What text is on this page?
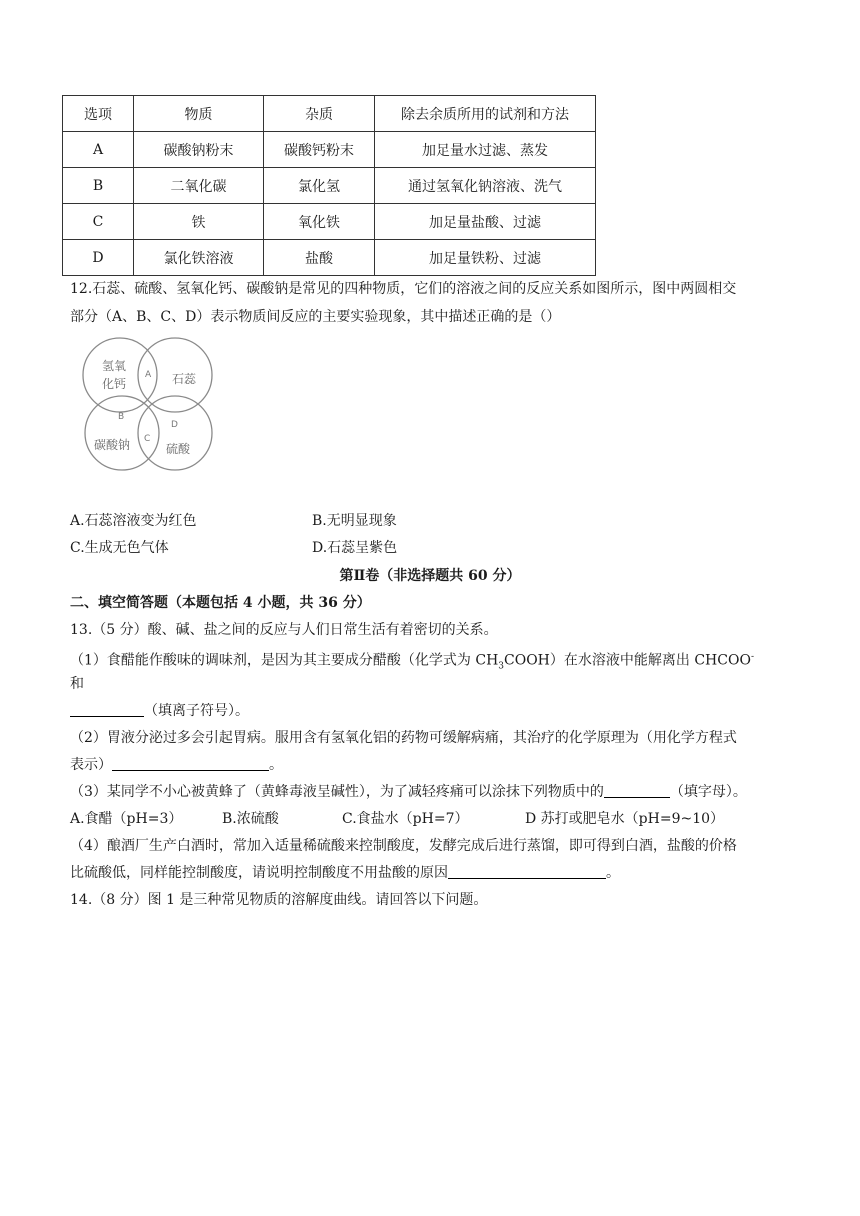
选项	物质	杂质	除去余质所用的试剂和方法
A	碳酸钠粉末	碳酸钙粉末	加足量水过滤、蒸发
B	二氧化碳	氯化氢	通过氢氧化钠溶液、洗气
C	铁	氧化铁	加足量盐酸、过滤
D	氯化铁溶液	盐酸	加足量铁粉、过滤
12.石蕊、硫酸、氢氧化钙、碳酸钠是常见的四种物质，它们的溶液之间的反应关系如图所示，图中两圆相交
部分（A、B、C、D）表示物质间反应的主要实验现象，其中描述正确的是（）
氢氧
化钙	石蕊
碳酸钠	硫酸
A
B
C
D
A.石蕊溶液变为红色	B.无明显现象
C.生成无色气体	D.石蕊呈紫色
第Ⅱ卷（非选择题共 60 分）
二、填空简答题（本题包括 4 小题，共 36 分）
13.（5 分）酸、碱、盐之间的反应与人们日常生活有着密切的关系。
（1）食醋能作酸味的调味剂，是因为其主要成分醋酸（化学式为 $CH_3COOH$）在水溶液中能解离出 CHCOO-
和
（填离子符号）。
（2）胃液分泌过多会引起胃病。服用含有氢氧化铝的药物可缓解病痛，其治疗的化学原理为（用化学方程式
表示）	。
（3）某同学不小心被黄蜂了（黄蜂毒液呈碱性），为了减轻疼痛可以涂抹下列物质中的	（填字母）。
A.食醋（pH=3）	B.浓硫酸	C.食盐水（pH=7）	D 苏打或肥皂水（pH=9~10）
（4）酿酒厂生产白酒时，常加入适量稀硫酸来控制酸度，发酵完成后进行蒸馏，即可得到白酒，盐酸的价格
比硫酸低，同样能控制酸度，请说明控制酸度不用盐酸的原因	。
14.（8 分）图 1 是三种常见物质的溶解度曲线。请回答以下问题。
